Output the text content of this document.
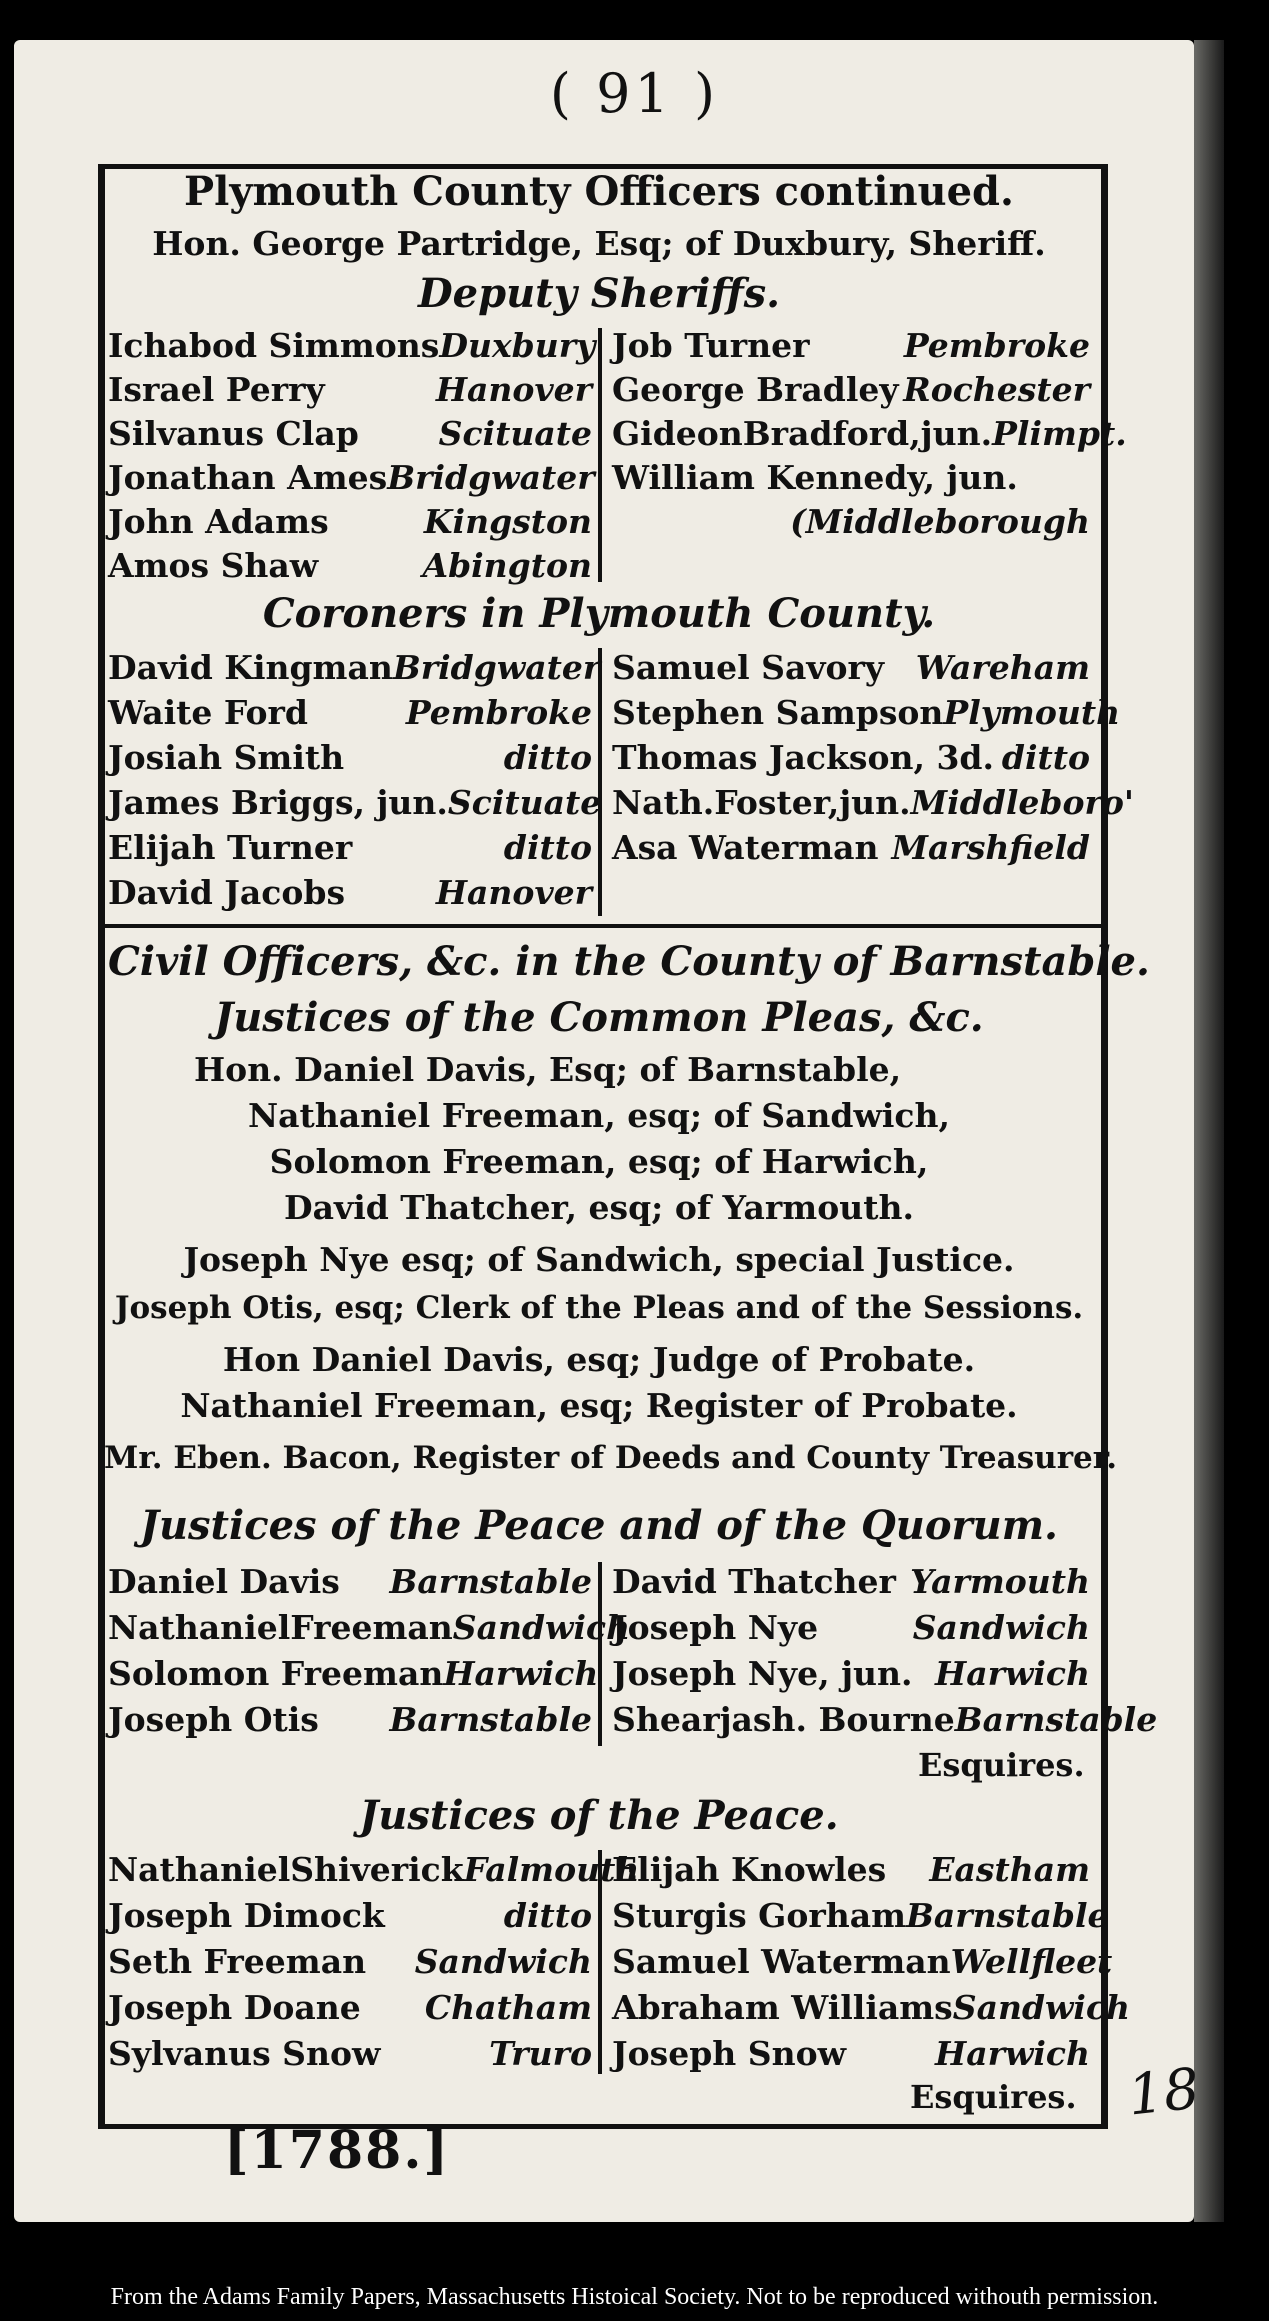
( 91 )
Plymouth County Officers continued.
Hon. George Partridge, Esq; of Duxbury, Sheriff.
Deputy Sheriffs.
Ichabod Simmons Duxbury
Israel Perry	Hanover
Silvanus Clap Scituate
Jonathan Ames Bridgwater
John Adams	Kingston
Amos Shaw	Abington
Job Turner	Pembroke
George Bradley Rochester
GideonBradford,jun. Plimpt.
William Kennedy, jun.
(Middleborough
Coroners in Plymouth County.
David Kingman Bridgwater
Waite Ford	Pembroke
Josiah Smith	ditto
James Briggs, jun. Scituate
Elijah Turner	ditto
David Jacobs	Hanover
Samuel Savory Wareham
Stephen Sampson Plymouth
Thomas Jackson, 3d. ditto
Nath.Foster,jun. Middleboro'
Asa Waterman Marshfield
Civil Officers, &c. in the County of Barnstable.
Justices of the Common Pleas, &c.
Hon. Daniel Davis, Esq; of Barnstable,
Nathaniel Freeman, esq; of Sandwich,
Solomon Freeman, esq; of Harwich,
David Thatcher, esq; of Yarmouth.
Joseph Nye esq; of Sandwich, special Justice.
Joseph Otis, esq; Clerk of the Pleas and of the Sessions.
Hon Daniel Davis, esq; Judge of Probate.
Nathaniel Freeman, esq; Register of Probate.
Mr. Eben. Bacon, Register of Deeds and County Treasurer.
Justices of the Peace and of the Quorum.
Daniel Davis Barnstable
NathanielFreeman Sandwich
Solomon Freeman Harwich
Joseph Otis Barnstable
David Thatcher Yarmouth
Joseph Nye	Sandwich
Joseph Nye, jun. Harwich
Shearjash. Bourne Barnstable
Esquires.
Justices of the Peace.
NathanielShiverick Falmouth
Joseph Dimock	ditto
Seth Freeman Sandwich
Joseph Doane Chatham
Sylvanus Snow	Truro
Elijah Knowles Eastham
Sturgis Gorham Barnstable
Samuel Waterman Wellfleet
Abraham Williams Sandwich
Joseph Snow	Harwich
Esquires.
[1788.]
18
From the Adams Family Papers, Massachusetts Histoical Society. Not to be reproduced withouth permission.
